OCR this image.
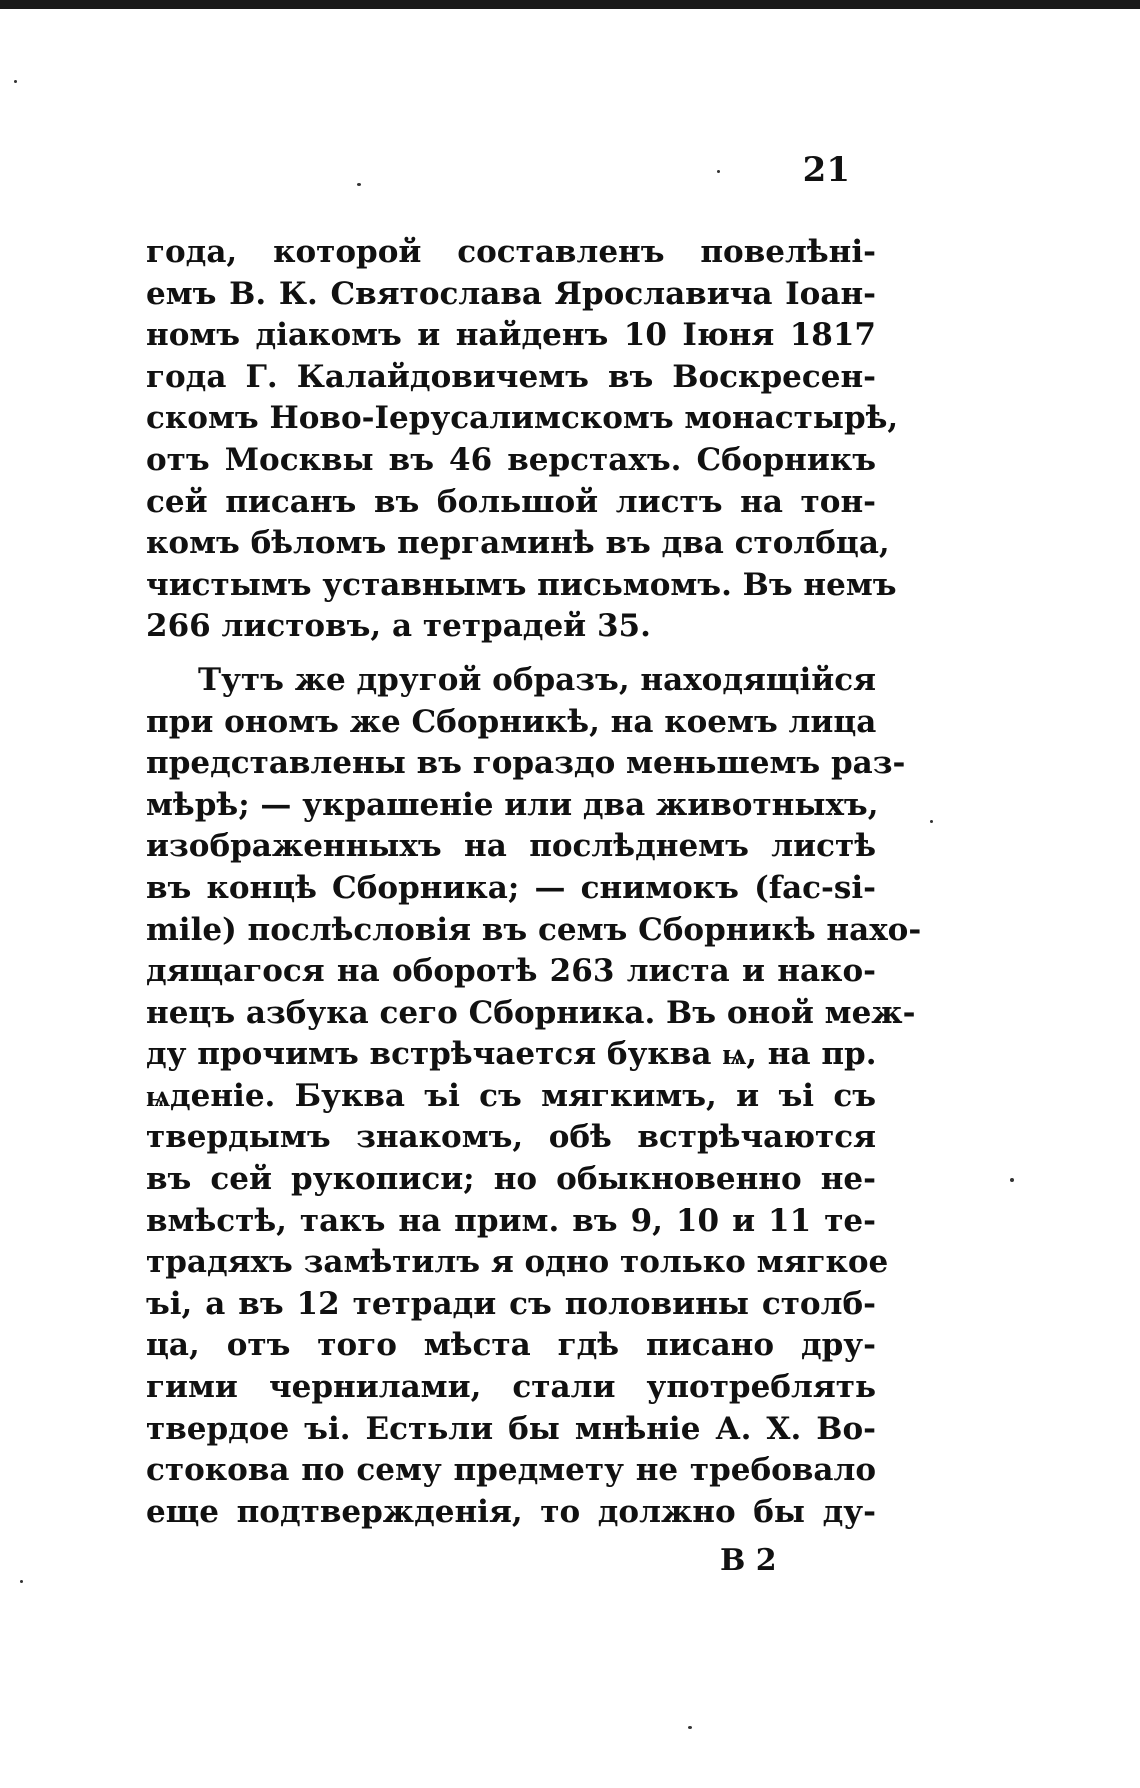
21
года, которой составленъ повелѣні-
емъ В. К. Святослава Ярославича Іоан-
номъ діакомъ и найденъ 10 Іюня 1817
года Г. Калайдовичемъ въ Воскресен-
скомъ Ново-Іерусалимскомъ монастырѣ,
отъ Москвы въ 46 верстахъ. Сборникъ
сей писанъ въ большой листъ на тон-
комъ бѣломъ пергаминѣ въ два столбца,
чистымъ уставнымъ письмомъ. Въ немъ
266 листовъ, а тетрадей 35.
Тутъ же другой образъ, находящійся
при ономъ же Сборникѣ, на коемъ лица
представлены въ гораздо меньшемъ раз-
мѣрѣ; — украшеніе или два животныхъ,
изображенныхъ на послѣднемъ листѣ
въ концѣ Сборника; — снимокъ (fac-si-
mile) послѣсловія въ семъ Сборникѣ нахо-
дящагося на оборотѣ 263 листа и нако-
нецъ азбука сего Сборника. Въ оной меж-
ду прочимъ встрѣчается буква ѩ, на пр.
ѩденіе. Буква ъі съ мягкимъ, и ъі съ
твердымъ знакомъ, обѣ встрѣчаются
въ сей рукописи; но обыкновенно не-
вмѣстѣ, такъ на прим. въ 9, 10 и 11 те-
традяхъ замѣтилъ я одно только мягкое
ъі, а въ 12 тетради съ половины столб-
ца, отъ того мѣста гдѣ писано дру-
гими чернилами, стали употреблять
твердое ъі. Естьли бы мнѣніе А. Х. Во-
стокова по сему предмету не требовало
еще подтвержденія, то должно бы ду-
В 2
